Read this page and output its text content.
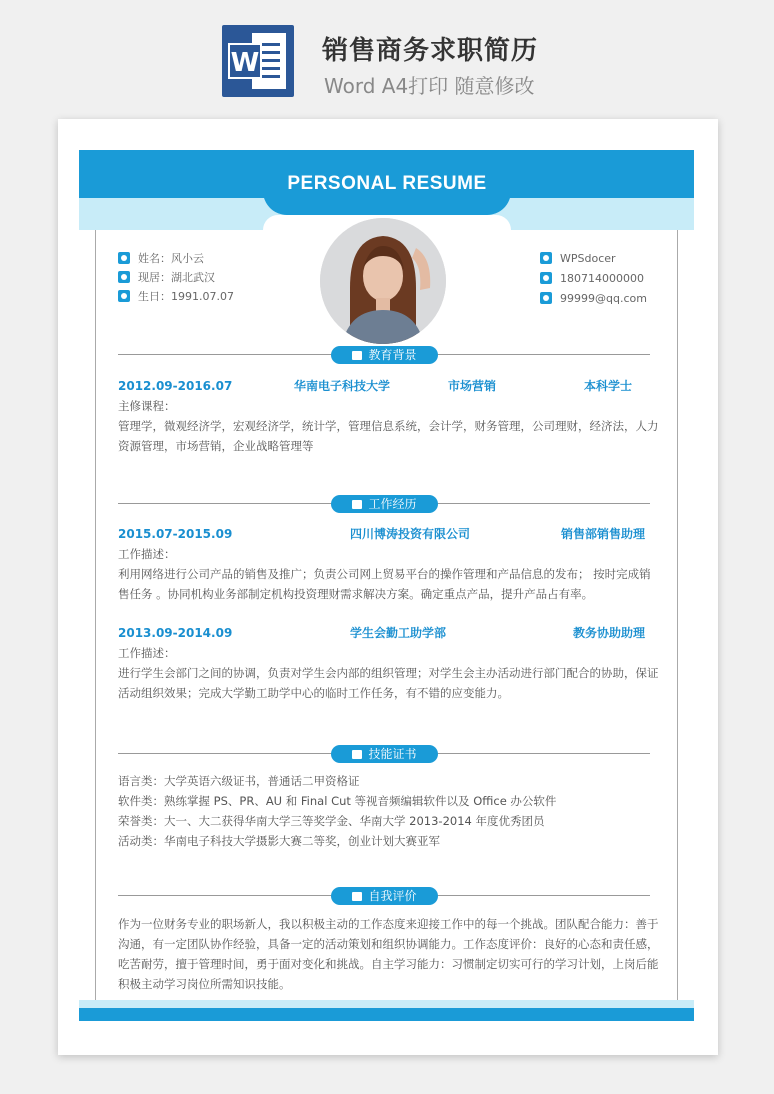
W 销售商务求职简历
Word A4打印 随意修改
PERSONAL RESUME
姓名：风小云
现居：湖北武汉
生日：1991.07.07
WPSdocer
180714000000
99999@qq.com
教育背景
2012.09-2016.07	华南电子科技大学	市场营销	本科学士

主修课程：

管理学，微观经济学，宏观经济学，统计学，管理信息系统，会计学，财务管理，公司理财，经济法，人力

资源管理，市场营销，企业战略管理等

工作经历
2015.07-2015.09	四川博涛投资有限公司	销售部销售助理

工作描述：

利用网络进行公司产品的销售及推广；负责公司网上贸易平台的操作管理和产品信息的发布； 按时完成销

售任务 。协同机构业务部制定机构投资理财需求解决方案。确定重点产品，提升产品占有率。

2013.09-2014.09	学生会勤工助学部	教务协助助理

工作描述：

进行学生会部门之间的协调，负责对学生会内部的组织管理；对学生会主办活动进行部门配合的协助，保证

活动组织效果；完成大学勤工助学中心的临时工作任务，有不错的应变能力。

技能证书

语言类：大学英语六级证书，普通话二甲资格证

软件类：熟练掌握 PS、PR、AU 和 Final Cut 等视音频编辑软件以及 Office 办公软件

荣誉类：大一、大二获得华南大学三等奖学金、华南大学 2013-2014 年度优秀团员

活动类：华南电子科技大学摄影大赛二等奖，创业计划大赛亚军

自我评价

作为一位财务专业的职场新人，我以积极主动的工作态度来迎接工作中的每一个挑战。团队配合能力：善于

沟通，有一定团队协作经验，具备一定的活动策划和组织协调能力。工作态度评价：良好的心态和责任感，

吃苦耐劳，擅于管理时间，勇于面对变化和挑战。自主学习能力：习惯制定切实可行的学习计划，上岗后能

积极主动学习岗位所需知识技能。
